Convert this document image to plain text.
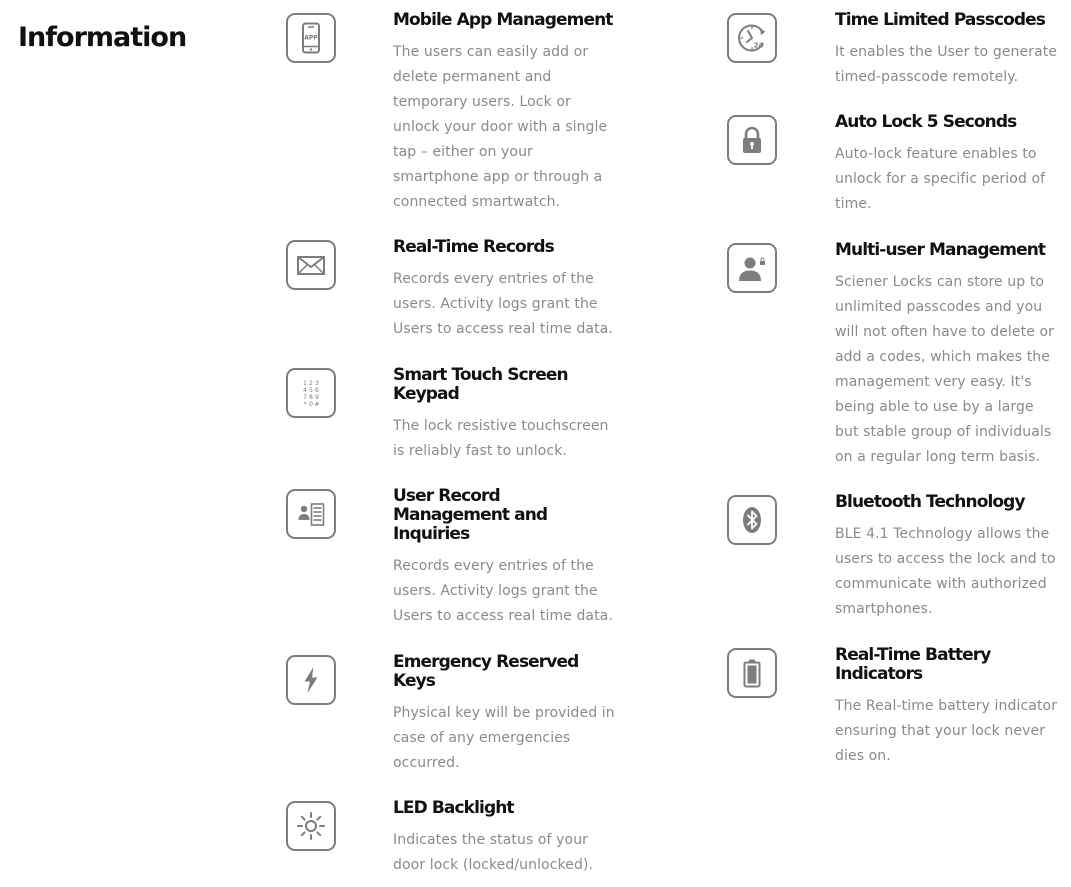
Information	APP
Mobile App Management

The users can easily add or delete permanent and temporary users. Lock or unlock your door with a single tap – either on your smartphone app or through a connected smartwatch.

Real-Time Records

Records every entries of the users. Activity logs grant the Users to access real time data.

1 2 3
4 5 6
7 8 9
* 0 #
Smart Touch Screen Keypad

The lock resistive touchscreen is reliably fast to unlock.

User Record Management and Inquiries

Records every entries of the users. Activity logs grant the Users to access real time data.

Emergency Reserved Keys

Physical key will be provided in case of any emergencies occurred.

LED Backlight

Indicates the status of your door lock (locked/unlocked).

24
Time Limited Passcodes

It enables the User to generate timed-passcode remotely.

Auto Lock 5 Seconds

Auto-lock feature enables to unlock for a specific period of time.

Multi-user Management

Sciener Locks can store up to unlimited passcodes and you will not often have to delete or add a codes, which makes the management very easy. It's being able to use by a large but stable group of individuals on a regular long term basis.

Bluetooth Technology

BLE 4.1 Technology allows the users to access the lock and to communicate with authorized smartphones.

Real-Time Battery Indicators

The Real-time battery indicator ensuring that your lock never dies on.
